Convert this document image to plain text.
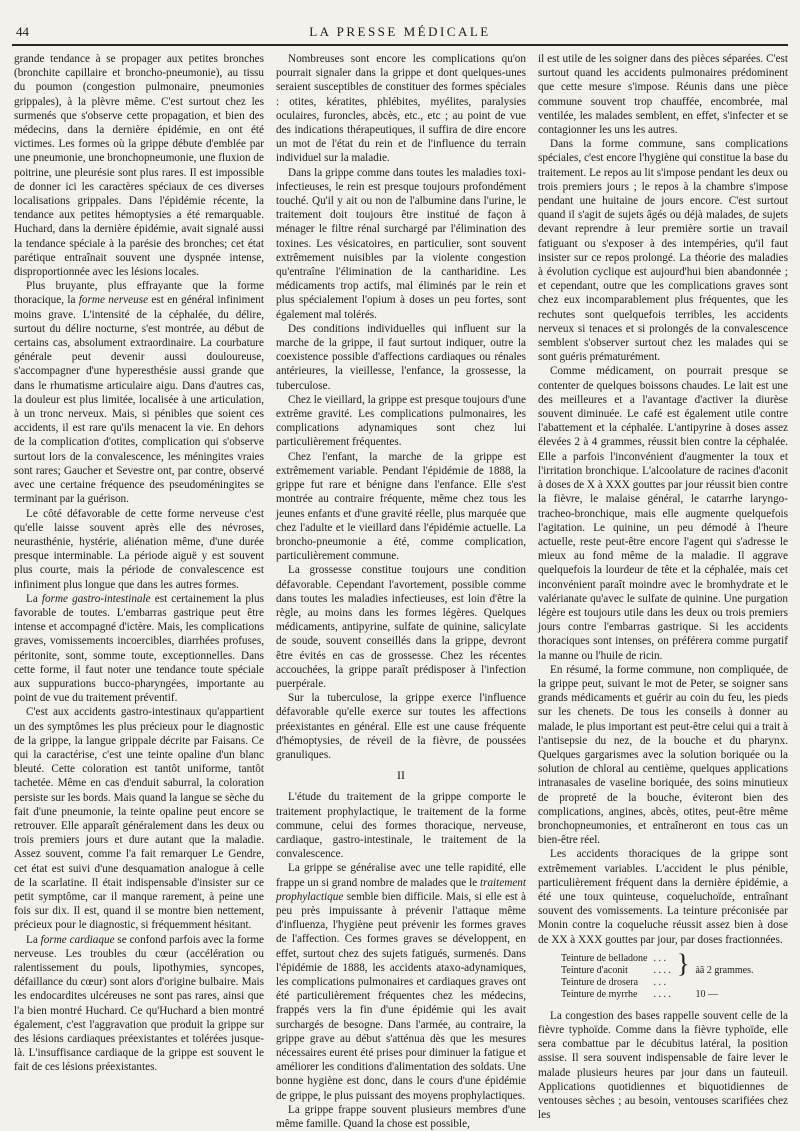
44	LA PRESSE MÉDICALE

grande tendance à se propager aux petites bronches (bronchite capillaire et broncho-pneumonie), au tissu du poumon (congestion pulmonaire, pneumonies grippales), à la plèvre même. C'est surtout chez les surmenés que s'observe cette propagation, et bien des médecins, dans la dernière épidémie, en ont été victimes. Les formes où la grippe débute d'emblée par une pneumonie, une bronchopneumonie, une fluxion de poitrine, une pleurésie sont plus rares. Il est impossible de donner ici les caractères spéciaux de ces diverses localisations grippales. Dans l'épidémie récente, la tendance aux petites hémoptysies a été remarquable. Huchard, dans la dernière épidémie, avait signalé aussi la tendance spéciale à la parésie des bronches; cet état parétique entraînait souvent une dyspnée intense, disproportionnée avec les lésions locales.

Plus bruyante, plus effrayante que la forme thoracique, la forme nerveuse est en général infiniment moins grave. L'intensité de la céphalée, du délire, surtout du délire nocturne, s'est montrée, au début de certains cas, absolument extraordinaire. La courbature générale peut devenir aussi douloureuse, s'accompagner d'une hyperesthésie aussi grande que dans le rhumatisme articulaire aigu. Dans d'autres cas, la douleur est plus limitée, localisée à une articulation, à un tronc nerveux. Mais, si pénibles que soient ces accidents, il est rare qu'ils menacent la vie. En dehors de la complication d'otites, complication qui s'observe surtout lors de la convalescence, les méningites vraies sont rares; Gaucher et Sevestre ont, par contre, observé avec une certaine fréquence des pseudoméningites se terminant par la guérison.

Le côté défavorable de cette forme nerveuse c'est qu'elle laisse souvent après elle des névroses, neurasthénie, hystérie, aliénation même, d'une durée presque interminable. La période aiguë y est souvent plus courte, mais la période de convalescence est infiniment plus longue que dans les autres formes.

La forme gastro-intestinale est certainement la plus favorable de toutes. L'embarras gastrique peut être intense et accompagné d'ictère. Mais, les complications graves, vomissements incoercibles, diarrhées profuses, péritonite, sont, somme toute, exceptionnelles. Dans cette forme, il faut noter une tendance toute spéciale aux suppurations bucco-pharyngées, importante au point de vue du traitement préventif.

C'est aux accidents gastro-intestinaux qu'appartient un des symptômes les plus précieux pour le diagnostic de la grippe, la langue grippale décrite par Faisans. Ce qui la caractérise, c'est une teinte opaline d'un blanc bleuté. Cette coloration est tantôt uniforme, tantôt tachetée. Même en cas d'enduit saburral, la coloration persiste sur les bords. Mais quand la langue se sèche du fait d'une pneumonie, la teinte opaline peut encore se retrouver. Elle apparaît généralement dans les deux ou trois premiers jours et dure autant que la maladie. Assez souvent, comme l'a fait remarquer Le Gendre, cet état est suivi d'une desquamation analogue à celle de la scarlatine. Il était indispensable d'insister sur ce petit symptôme, car il manque rarement, à peine une fois sur dix. Il est, quand il se montre bien nettement, précieux pour le diagnostic, si fréquemment hésitant.

La forme cardiaque se confond parfois avec la forme nerveuse. Les troubles du cœur (accélération ou ralentissement du pouls, lipothymies, syncopes, défaillance du cœur) sont alors d'origine bulbaire. Mais les endocardites ulcéreuses ne sont pas rares, ainsi que l'a bien montré Huchard. Ce qu'Huchard a bien montré également, c'est l'aggravation que produit la grippe sur des lésions cardiaques préexistantes et tolérées jusque-là. L'insuffisance cardiaque de la grippe est souvent le fait de ces lésions préexistantes.

Nombreuses sont encore les complications qu'on pourrait signaler dans la grippe et dont quelques-unes seraient susceptibles de constituer des formes spéciales : otites, kératites, phlébites, myélites, paralysies oculaires, furoncles, abcès, etc., etc ; au point de vue des indications thérapeutiques, il suffira de dire encore un mot de l'état du rein et de l'influence du terrain individuel sur la maladie.

Dans la grippe comme dans toutes les maladies toxi-infectieuses, le rein est presque toujours profondément touché. Qu'il y ait ou non de l'albumine dans l'urine, le traitement doit toujours être institué de façon à ménager le filtre rénal surchargé par l'élimination des toxines. Les vésicatoires, en particulier, sont souvent extrêmement nuisibles par la violente congestion qu'entraîne l'élimination de la cantharidine. Les médicaments trop actifs, mal éliminés par le rein et plus spécialement l'opium à doses un peu fortes, sont également mal tolérés.

Des conditions individuelles qui influent sur la marche de la grippe, il faut surtout indiquer, outre la coexistence possible d'affections cardiaques ou rénales antérieures, la vieillesse, l'enfance, la grossesse, la tuberculose.

Chez le vieillard, la grippe est presque toujours d'une extrême gravité. Les complications pulmonaires, les complications adynamiques sont chez lui particulièrement fréquentes.

Chez l'enfant, la marche de la grippe est extrêmement variable. Pendant l'épidémie de 1888, la grippe fut rare et bénigne dans l'enfance. Elle s'est montrée au contraire fréquente, même chez tous les jeunes enfants et d'une gravité réelle, plus marquée que chez l'adulte et le vieillard dans l'épidémie actuelle. La broncho-pneumonie a été, comme complication, particulièrement commune.

La grossesse constitue toujours une condition défavorable. Cependant l'avortement, possible comme dans toutes les maladies infectieuses, est loin d'être la règle, au moins dans les formes légères. Quelques médicaments, antipyrine, sulfate de quinine, salicylate de soude, souvent conseillés dans la grippe, devront être évités en cas de grossesse. Chez les récentes accouchées, la grippe paraît prédisposer à l'infection puerpérale.

Sur la tuberculose, la grippe exerce l'influence défavorable qu'elle exerce sur toutes les affections préexistantes en général. Elle est une cause fréquente d'hémoptysies, de réveil de la fièvre, de poussées granuliques.

II

L'étude du traitement de la grippe comporte le traitement prophylactique, le traitement de la forme commune, celui des formes thoracique, nerveuse, cardiaque, gastro-intestinale, le traitement de la convalescence.

La grippe se généralise avec une telle rapidité, elle frappe un si grand nombre de malades que le traitement prophylactique semble bien difficile. Mais, si elle est à peu près impuissante à prévenir l'attaque même d'influenza, l'hygiène peut prévenir les formes graves de l'affection. Ces formes graves se développent, en effet, surtout chez des sujets fatigués, surmenés. Dans l'épidémie de 1888, les accidents ataxo-adynamiques, les complications pulmonaires et cardiaques graves ont été particulièrement fréquentes chez les médecins, frappés vers la fin d'une épidémie qui les avait surchargés de besogne. Dans l'armée, au contraire, la grippe grave au début s'atténua dès que les mesures nécessaires eurent été prises pour diminuer la fatigue et améliorer les conditions d'alimentation des soldats. Une bonne hygiène est donc, dans le cours d'une épidémie de grippe, le plus puissant des moyens prophylactiques.

La grippe frappe souvent plusieurs membres d'une même famille. Quand la chose est possible,

il est utile de les soigner dans des pièces séparées. C'est surtout quand les accidents pulmonaires prédominent que cette mesure s'impose. Réunis dans une pièce commune souvent trop chauffée, encombrée, mal ventilée, les malades semblent, en effet, s'infecter et se contagionner les uns les autres.

Dans la forme commune, sans complications spéciales, c'est encore l'hygiène qui constitue la base du traitement. Le repos au lit s'impose pendant les deux ou trois premiers jours ; le repos à la chambre s'impose pendant une huitaine de jours encore. C'est surtout quand il s'agit de sujets âgés ou déjà malades, de sujets devant reprendre à leur première sortie un travail fatiguant ou s'exposer à des intempéries, qu'il faut insister sur ce repos prolongé. La théorie des maladies à évolution cyclique est aujourd'hui bien abandonnée ; et cependant, outre que les complications graves sont chez eux incomparablement plus fréquentes, que les rechutes sont quelquefois terribles, les accidents nerveux si tenaces et si prolongés de la convalescence semblent s'observer surtout chez les malades qui se sont guéris prématurément.

Comme médicament, on pourrait presque se contenter de quelques boissons chaudes. Le lait est une des meilleures et a l'avantage d'activer la diurèse souvent diminuée. Le café est également utile contre l'abattement et la céphalée. L'antipyrine à doses assez élevées 2 à 4 grammes, réussit bien contre la céphalée. Elle a parfois l'inconvénient d'augmenter la toux et l'irritation bronchique. L'alcoolature de racines d'aconit à doses de X à XXX gouttes par jour réussit bien contre la fièvre, le malaise général, le catarrhe laryngo-tracheo-bronchique, mais elle augmente quelquefois l'agitation. Le quinine, un peu démodé à l'heure actuelle, reste peut-être encore l'agent qui s'adresse le mieux au fond même de la maladie. Il aggrave quelquefois la lourdeur de tête et la céphalée, mais cet inconvénient paraît moindre avec le bromhydrate et le valérianate qu'avec le sulfate de quinine. Une purgation légère est toujours utile dans les deux ou trois premiers jours contre l'embarras gastrique. Si les accidents thoraciques sont intenses, on préférera comme purgatif la manne ou l'huile de ricin.

En résumé, la forme commune, non compliquée, de la grippe peut, suivant le mot de Peter, se soigner sans grands médicaments et guérir au coin du feu, les pieds sur les chenets. De tous les conseils à donner au malade, le plus important est peut-être celui qui a trait à l'antisepsie du nez, de la bouche et du pharynx. Quelques gargarismes avec la solution boriquée ou la solution de chloral au centième, quelques applications intranasales de vaseline boriquée, des soins minutieux de propreté de la bouche, éviteront bien des complications, angines, abcès, otites, peut-être même bronchopneumonies, et entraîneront en tous cas un bien-être réel.

Les accidents thoraciques de la grippe sont extrêmement variables. L'accident le plus pénible, particulièrement fréquent dans la dernière épidémie, a été une toux quinteuse, coqueluchoïde, entraînant souvent des vomissements. La teinture préconisée par Monin contre la coqueluche réussit assez bien à dose de XX à XXX gouttes par jour, par doses fractionnées.

Teinture de belladone	. . .	}	àâ 2 grammes.
Teinture d'aconit	. . . .		
Teinture de drosera	. . .		
Teinture de myrrhe	. . . .		10 —

La congestion des bases rappelle souvent celle de la fièvre typhoïde. Comme dans la fièvre typhoïde, elle sera combattue par le décubitus latéral, la position assise. Il sera souvent indispensable de faire lever le malade plusieurs heures par jour dans un fauteuil. Applications quotidiennes et biquotidiennes de ventouses sèches ; au besoin, ventouses scarifiées chez les
